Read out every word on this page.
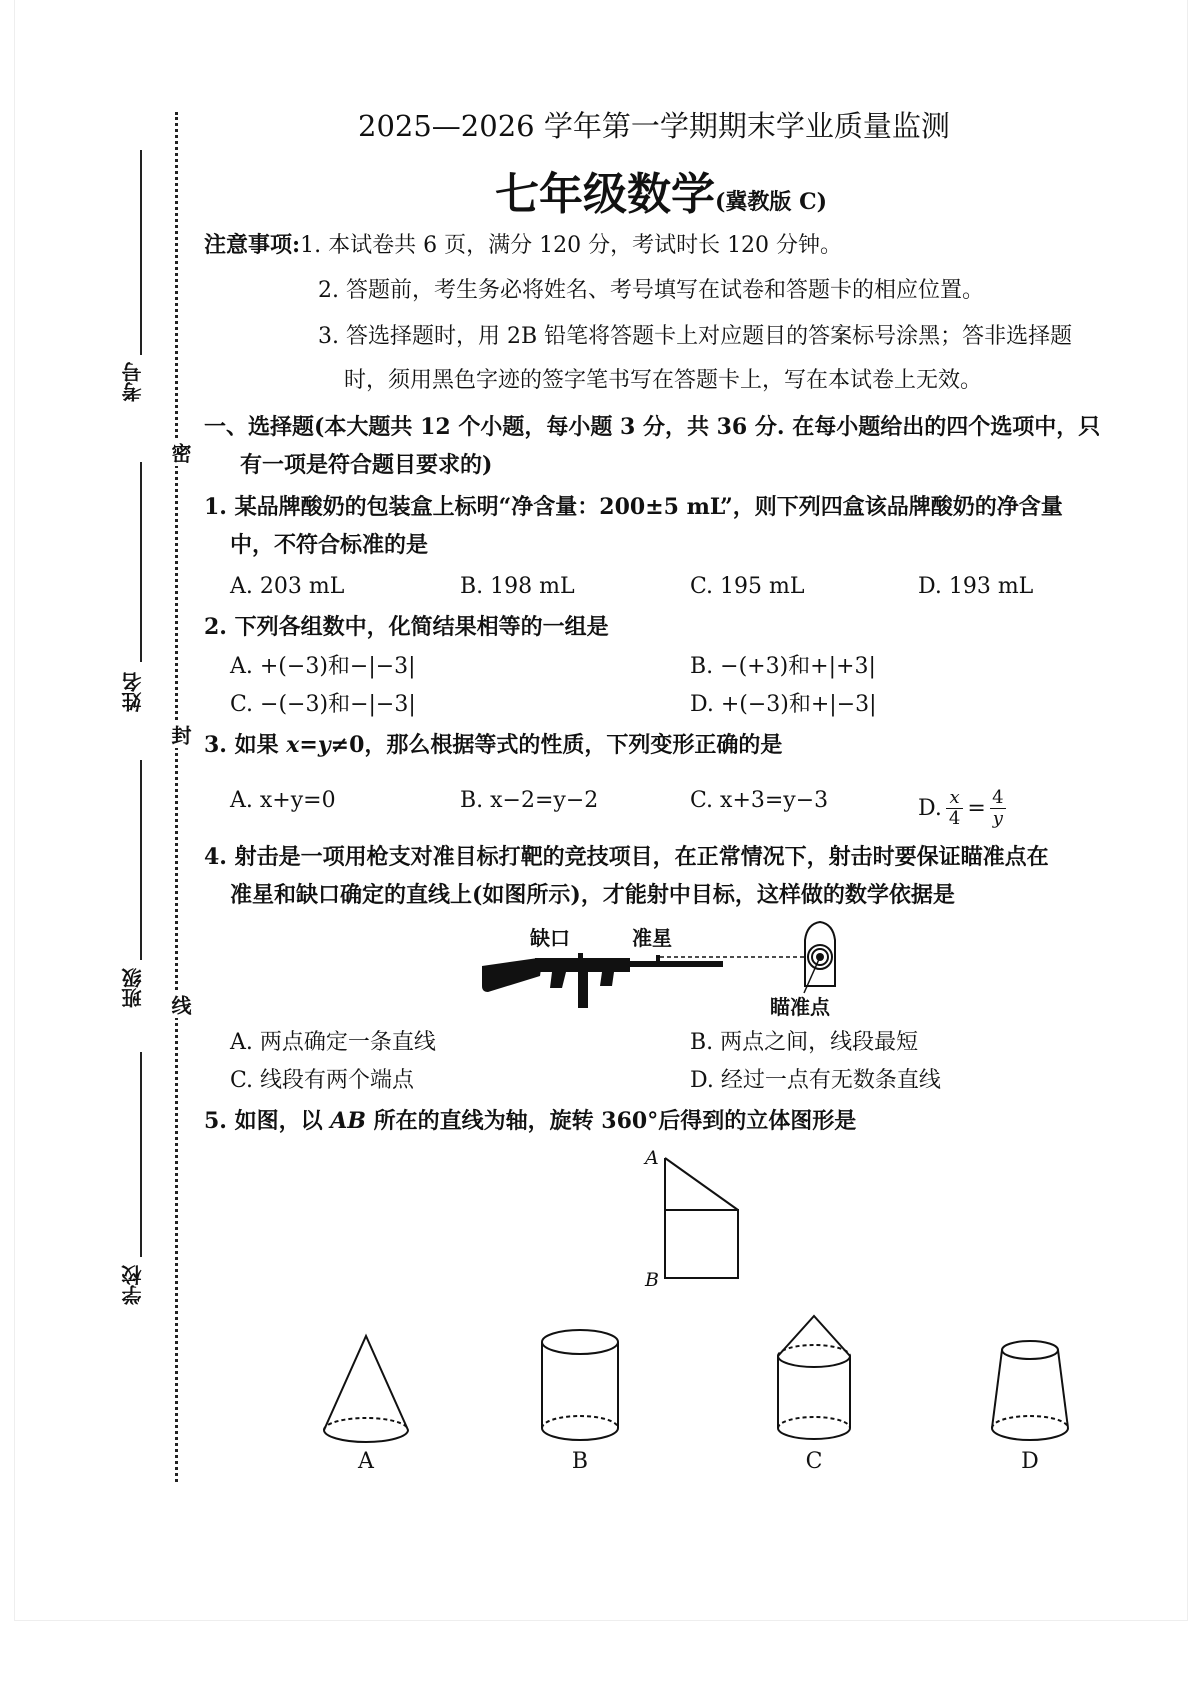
考号
姓名
班级
学校
密
封
线
2025—2026 学年第一学期期末学业质量监测
七年级数学(冀教版 C)
注意事项:1. 本试卷共 6 页，满分 120 分，考试时长 120 分钟。
2. 答题前，考生务必将姓名、考号填写在试卷和答题卡的相应位置。
3. 答选择题时，用 2B 铅笔将答题卡上对应题目的答案标号涂黑；答非选择题
时，须用黑色字迹的签字笔书写在答题卡上，写在本试卷上无效。
一、选择题(本大题共 12 个小题，每小题 3 分，共 36 分. 在每小题给出的四个选项中，只
有一项是符合题目要求的)
1. 某品牌酸奶的包装盒上标明“净含量：200±5 mL”，则下列四盒该品牌酸奶的净含量
中，不符合标准的是
A. 203 mL	B. 198 mL	C. 195 mL	D. 193 mL
2. 下列各组数中，化简结果相等的一组是
A. +(−3)和−|−3|	B. −(+3)和+|+3|
C. −(−3)和−|−3|	D. +(−3)和+|−3|
3. 如果 x=y≠0，那么根据等式的性质，下列变形正确的是
A. x+y=0	B. x−2=y−2	C. x+3=y−3	D. $\frac{x}{4} = \frac{4}{y}$
4. 射击是一项用枪支对准目标打靶的竞技项目，在正常情况下，射击时要保证瞄准点在
准星和缺口确定的直线上(如图所示)，才能射中目标，这样做的数学依据是
缺口	准星
瞄准点
A. 两点确定一条直线	B. 两点之间，线段最短
C. 线段有两个端点	D. 经过一点有无数条直线
5. 如图，以 AB 所在的直线为轴，旋转 360°后得到的立体图形是
A
B
A	B	C	D
